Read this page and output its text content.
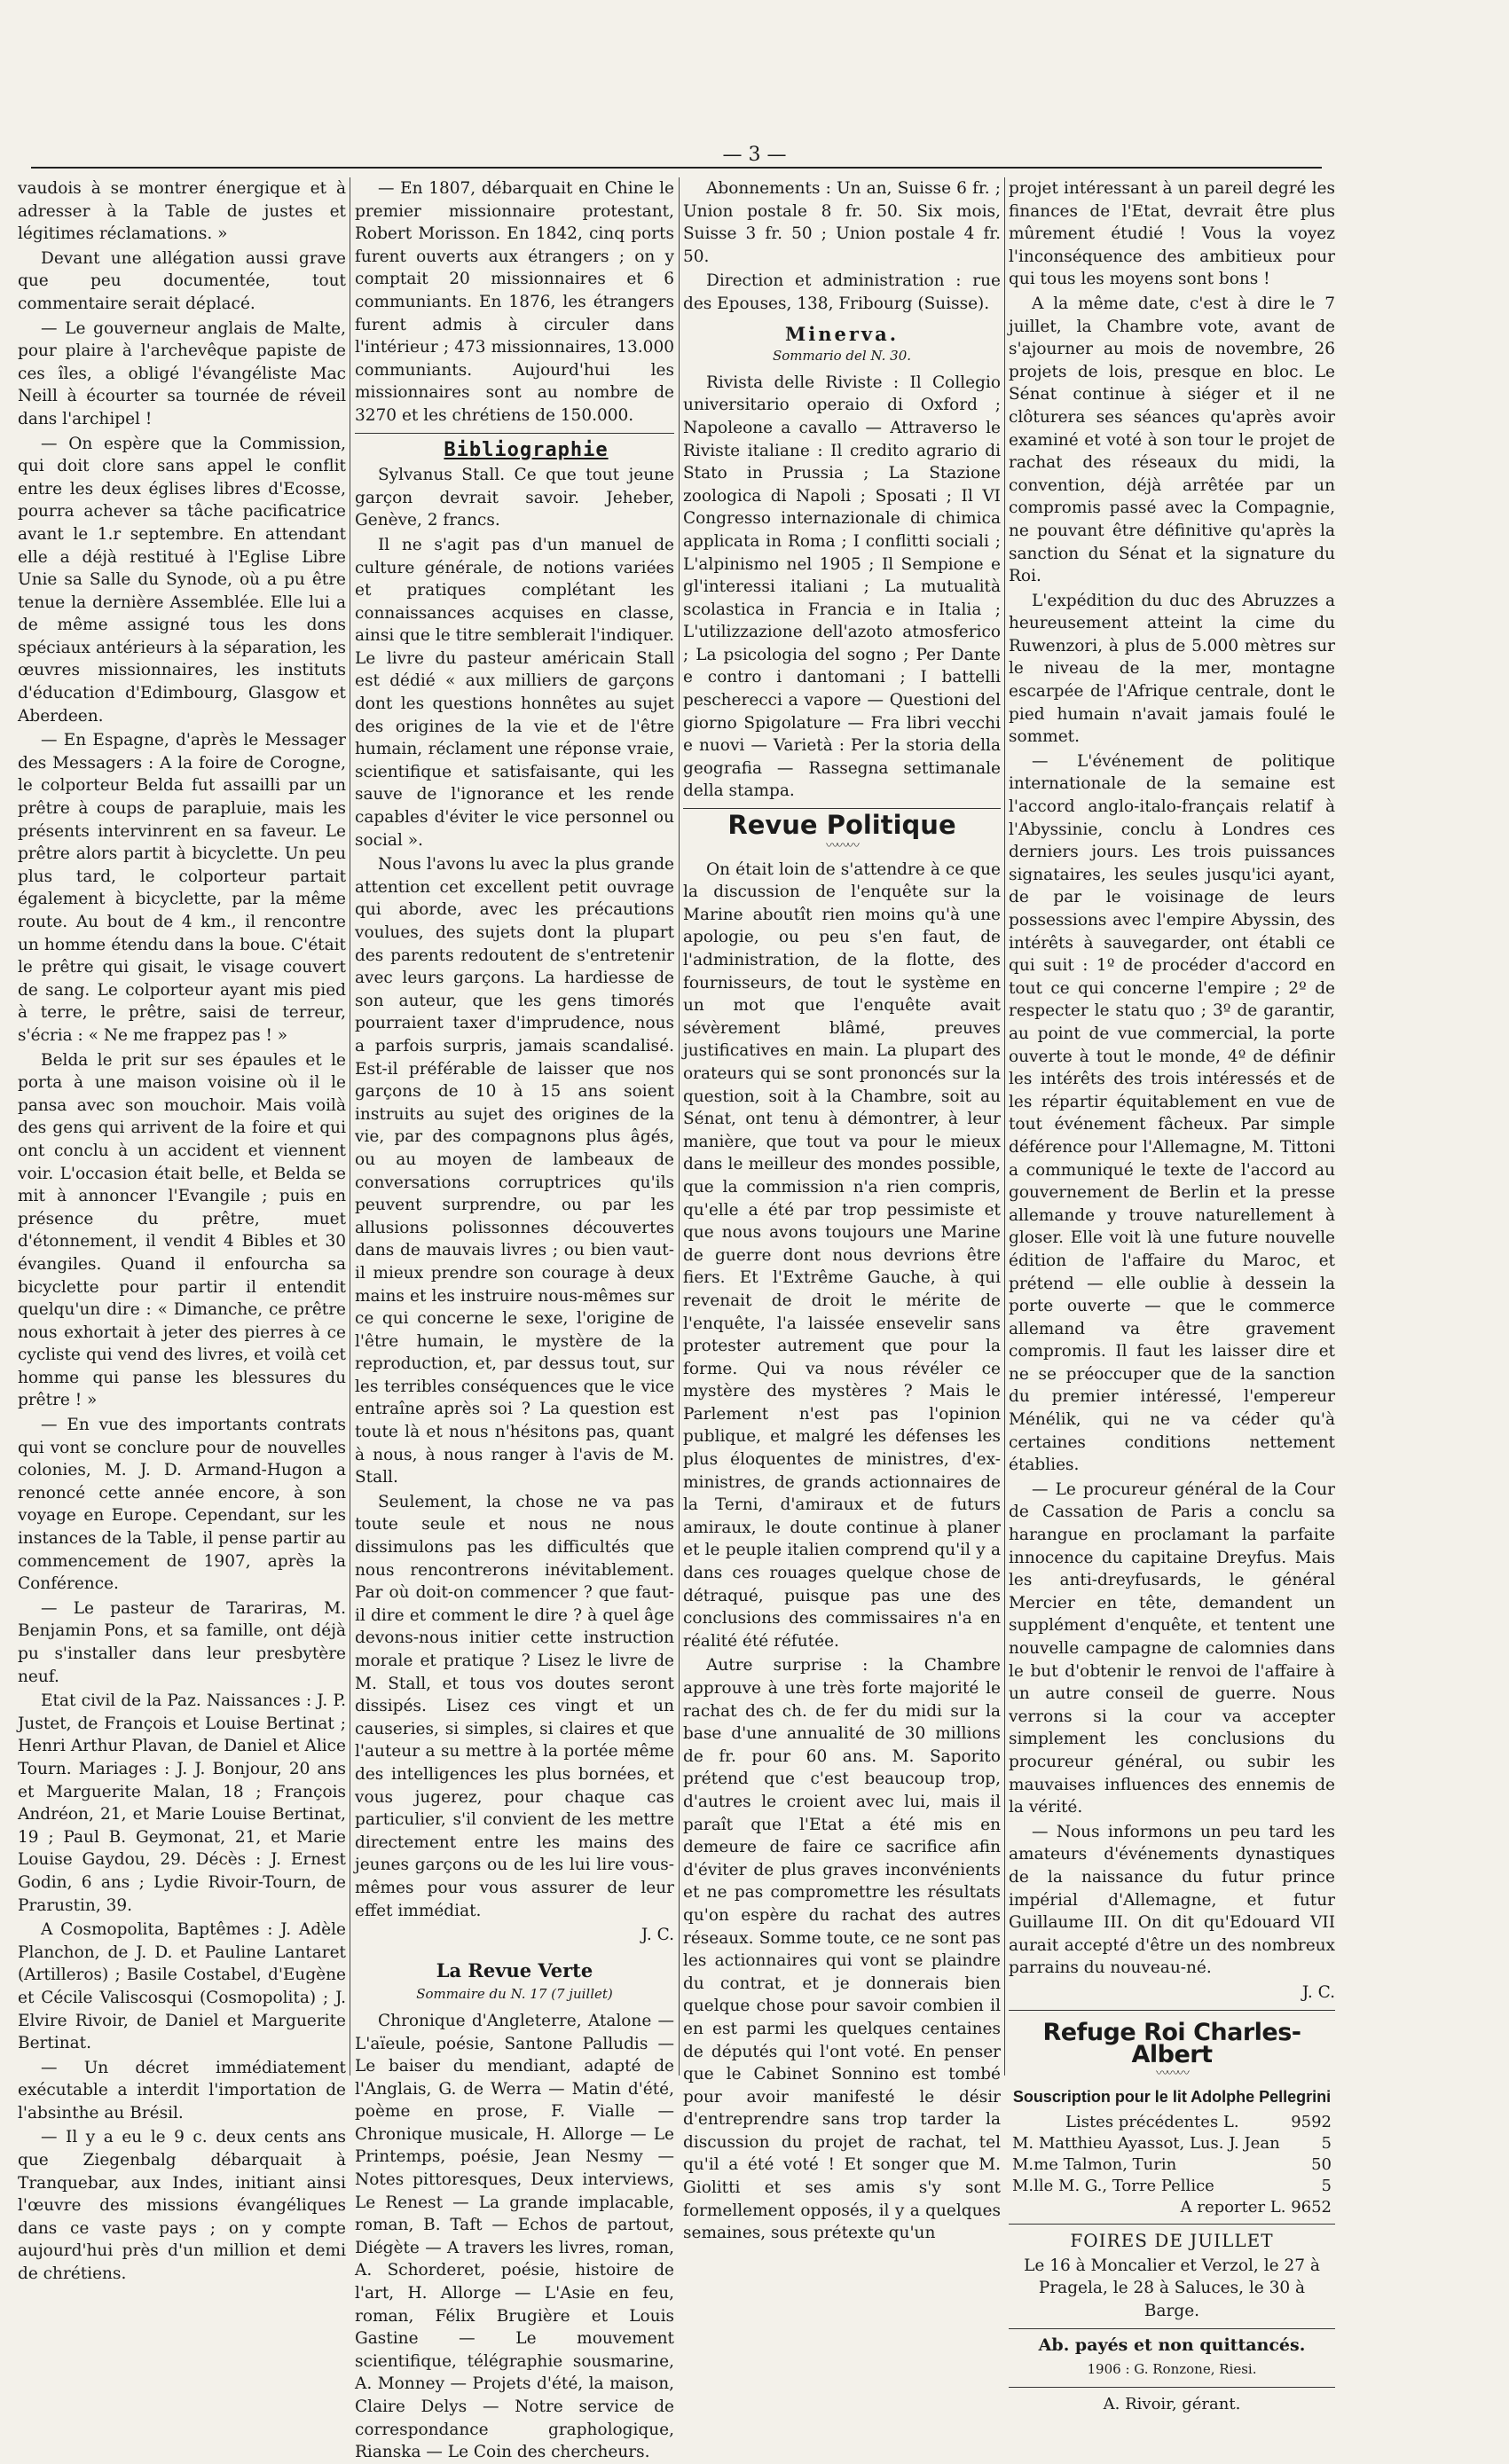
— 3 —

vaudois à se montrer énergique et à adresser à la Table de justes et légitimes réclamations. »

Devant une allégation aussi grave que peu documentée, tout commentaire serait déplacé.

— Le gouverneur anglais de Malte, pour plaire à l'archevêque papiste de ces îles, a obligé l'évangéliste Mac Neill à écourter sa tournée de réveil dans l'archipel !

— On espère que la Commission, qui doit clore sans appel le conflit entre les deux églises libres d'Ecosse, pourra achever sa tâche pacificatrice avant le 1.r septembre. En attendant elle a déjà restitué à l'Eglise Libre Unie sa Salle du Synode, où a pu être tenue la dernière Assemblée. Elle lui a de même assigné tous les dons spéciaux antérieurs à la séparation, les œuvres missionnaires, les instituts d'éducation d'Edimbourg, Glasgow et Aberdeen.

— En Espagne, d'après le Messager des Messagers : A la foire de Corogne, le colporteur Belda fut assailli par un prêtre à coups de parapluie, mais les présents intervinrent en sa faveur. Le prêtre alors partit à bicyclette. Un peu plus tard, le colporteur partait également à bicyclette, par la même route. Au bout de 4 km., il rencontre un homme étendu dans la boue. C'était le prêtre qui gisait, le visage couvert de sang. Le colporteur ayant mis pied à terre, le prêtre, saisi de terreur, s'écria : « Ne me frappez pas ! »

Belda le prit sur ses épaules et le porta à une maison voisine où il le pansa avec son mouchoir. Mais voilà des gens qui arrivent de la foire et qui ont conclu à un accident et viennent voir. L'occasion était belle, et Belda se mit à annoncer l'Evangile ; puis en présence du prêtre, muet d'étonnement, il vendit 4 Bibles et 30 évangiles. Quand il enfourcha sa bicyclette pour partir il entendit quelqu'un dire : « Dimanche, ce prêtre nous exhortait à jeter des pierres à ce cycliste qui vend des livres, et voilà cet homme qui panse les blessures du prêtre ! »

— En vue des importants contrats qui vont se conclure pour de nouvelles colonies, M. J. D. Armand-Hugon a renoncé cette année encore, à son voyage en Europe. Cependant, sur les instances de la Table, il pense partir au commencement de 1907, après la Conférence.

— Le pasteur de Tarariras, M. Benjamin Pons, et sa famille, ont déjà pu s'installer dans leur presbytère neuf.

Etat civil de la Paz. Naissances : J. P. Justet, de François et Louise Bertinat ; Henri Arthur Plavan, de Daniel et Alice Tourn. Mariages : J. J. Bonjour, 20 ans et Marguerite Malan, 18 ; François Andréon, 21, et Marie Louise Bertinat, 19 ; Paul B. Geymonat, 21, et Marie Louise Gaydou, 29. Décès : J. Ernest Godin, 6 ans ; Lydie Rivoir-Tourn, de Prarustin, 39.

A Cosmopolita, Baptêmes : J. Adèle Planchon, de J. D. et Pauline Lantaret (Artilleros) ; Basile Costabel, d'Eugène et Cécile Valiscosqui (Cosmopolita) ; J. Elvire Rivoir, de Daniel et Marguerite Bertinat.

— Un décret immédiatement exécutable a interdit l'importation de l'absinthe au Brésil.

— Il y a eu le 9 c. deux cents ans que Ziegenbalg débarquait à Tranquebar, aux Indes, initiant ainsi l'œuvre des missions évangéliques dans ce vaste pays ; on y compte aujourd'hui près d'un million et demi de chrétiens.

— En 1807, débarquait en Chine le premier missionnaire protestant, Robert Morisson. En 1842, cinq ports furent ouverts aux étrangers ; on y comptait 20 missionnaires et 6 communiants. En 1876, les étrangers furent admis à circuler dans l'intérieur ; 473 missionnaires, 13.000 communiants. Aujourd'hui les missionnaires sont au nombre de 3270 et les chrétiens de 150.000.

Bibliographie

Sylvanus Stall. Ce que tout jeune garçon devrait savoir. Jeheber, Genève, 2 francs.

Il ne s'agit pas d'un manuel de culture générale, de notions variées et pratiques complétant les connaissances acquises en classe, ainsi que le titre semblerait l'indiquer. Le livre du pasteur américain Stall est dédié « aux milliers de garçons dont les questions honnêtes au sujet des origines de la vie et de l'être humain, réclament une réponse vraie, scientifique et satisfaisante, qui les sauve de l'ignorance et les rende capables d'éviter le vice personnel ou social ».

Nous l'avons lu avec la plus grande attention cet excellent petit ouvrage qui aborde, avec les précautions voulues, des sujets dont la plupart des parents redoutent de s'entretenir avec leurs garçons. La hardiesse de son auteur, que les gens timorés pourraient taxer d'imprudence, nous a parfois surpris, jamais scandalisé. Est-il préférable de laisser que nos garçons de 10 à 15 ans soient instruits au sujet des origines de la vie, par des compagnons plus âgés, ou au moyen de lambeaux de conversations corruptrices qu'ils peuvent surprendre, ou par les allusions polissonnes découvertes dans de mauvais livres ; ou bien vaut-il mieux prendre son courage à deux mains et les instruire nous-mêmes sur ce qui concerne le sexe, l'origine de l'être humain, le mystère de la reproduction, et, par dessus tout, sur les terribles conséquences que le vice entraîne après soi ? La question est toute là et nous n'hésitons pas, quant à nous, à nous ranger à l'avis de M. Stall.

Seulement, la chose ne va pas toute seule et nous ne nous dissimulons pas les difficultés que nous rencontrerons inévitablement. Par où doit-on commencer ? que faut-il dire et comment le dire ? à quel âge devons-nous initier cette instruction morale et pratique ? Lisez le livre de M. Stall, et tous vos doutes seront dissipés. Lisez ces vingt et un causeries, si simples, si claires et que l'auteur a su mettre à la portée même des intelligences les plus bornées, et vous jugerez, pour chaque cas particulier, s'il convient de les mettre directement entre les mains des jeunes garçons ou de les lui lire vous-mêmes pour vous assurer de leur effet immédiat.

J. C.

La Revue Verte
Sommaire du N. 17 (7 juillet)

Chronique d'Angleterre, Atalone — L'aïeule, poésie, Santone Palludis — Le baiser du mendiant, adapté de l'Anglais, G. de Werra — Matin d'été, poème en prose, F. Vialle — Chronique musicale, H. Allorge — Le Printemps, poésie, Jean Nesmy — Notes pittoresques, Deux interviews, Le Renest — La grande implacable, roman, B. Taft — Echos de partout, Diégète — A travers les livres, roman, A. Schorderet, poésie, histoire de l'art, H. Allorge — L'Asie en feu, roman, Félix Brugière et Louis Gastine — Le mouvement scientifique, télégraphie sousmarine, A. Monney — Projets d'été, la maison, Claire Delys — Notre service de correspondance graphologique, Rianska — Le Coin des chercheurs.

Abonnements : Un an, Suisse 6 fr. ; Union postale 8 fr. 50. Six mois, Suisse 3 fr. 50 ; Union postale 4 fr. 50.

Direction et administration : rue des Epouses, 138, Fribourg (Suisse).

Minerva.
Sommario del N. 30.

Rivista delle Riviste : Il Collegio universitario operaio di Oxford ; Napoleone a cavallo — Attraverso le Riviste italiane : Il credito agrario di Stato in Prussia ; La Stazione zoologica di Napoli ; Sposati ; Il VI Congresso internazionale di chimica applicata in Roma ; I conflitti sociali ; L'alpinismo nel 1905 ; Il Sempione e gl'interessi italiani ; La mutualità scolastica in Francia e in Italia ; L'utilizzazione dell'azoto atmosferico ; La psicologia del sogno ; Per Dante e contro i dantomani ; I battelli peschereсci a vapore — Questioni del giorno Spigolature — Fra libri vecchi e nuovi — Varietà : Per la storia della geografia — Rassegna settimanale della stampa.

Revue Politique
〰〰〰

On était loin de s'attendre à ce que la discussion de l'enquête sur la Marine aboutît rien moins qu'à une apologie, ou peu s'en faut, de l'administration, de la flotte, des fournisseurs, de tout le système en un mot que l'enquête avait sévèrement blâmé, preuves justificatives en main. La plupart des orateurs qui se sont prononcés sur la question, soit à la Chambre, soit au Sénat, ont tenu à démontrer, à leur manière, que tout va pour le mieux dans le meilleur des mondes possible, que la commission n'a rien compris, qu'elle a été par trop pessimiste et que nous avons toujours une Marine de guerre dont nous devrions être fiers. Et l'Extrême Gauche, à qui revenait de droit le mérite de l'enquête, l'a laissée ensevelir sans protester autrement que pour la forme. Qui va nous révéler ce mystère des mystères ? Mais le Parlement n'est pas l'opinion publique, et malgré les défenses les plus éloquentes de ministres, d'ex-ministres, de grands actionnaires de la Terni, d'amiraux et de futurs amiraux, le doute continue à planer et le peuple italien comprend qu'il y a dans ces rouages quelque chose de détraqué, puisque pas une des conclusions des commissaires n'a en réalité été réfutée.

Autre surprise : la Chambre approuve à une très forte majorité le rachat des ch. de fer du midi sur la base d'une annualité de 30 millions de fr. pour 60 ans. M. Saporito prétend que c'est beaucoup trop, d'autres le croient avec lui, mais il paraît que l'Etat a été mis en demeure de faire ce sacrifice afin d'éviter de plus graves inconvénients et ne pas compromettre les résultats qu'on espère du rachat des autres réseaux. Somme toute, ce ne sont pas les actionnaires qui vont se plaindre du contrat, et je donnerais bien quelque chose pour savoir combien il en est parmi les quelques centaines de députés qui l'ont voté. En penser que le Cabinet Sonnino est tombé pour avoir manifesté le désir d'entreprendre sans trop tarder la discussion du projet de rachat, tel qu'il a été voté ! Et songer que M. Giolitti et ses amis s'y sont formellement opposés, il y a quelques semaines, sous prétexte qu'un

projet intéressant à un pareil degré les finances de l'Etat, devrait être plus mûrement étudié ! Vous la voyez l'inconséquence des ambitieux pour qui tous les moyens sont bons !

A la même date, c'est à dire le 7 juillet, la Chambre vote, avant de s'ajourner au mois de novembre, 26 projets de lois, presque en bloc. Le Sénat continue à siéger et il ne clôturera ses séances qu'après avoir examiné et voté à son tour le projet de rachat des réseaux du midi, la convention, déjà arrêtée par un compromis passé avec la Compagnie, ne pouvant être définitive qu'après la sanction du Sénat et la signature du Roi.

L'expédition du duc des Abruzzes a heureusement atteint la cime du Ruwenzori, à plus de 5.000 mètres sur le niveau de la mer, montagne escarpée de l'Afrique centrale, dont le pied humain n'avait jamais foulé le sommet.

— L'événement de politique internationale de la semaine est l'accord anglo-italo-français relatif à l'Abyssinie, conclu à Londres ces derniers jours. Les trois puissances signataires, les seules jusqu'ici ayant, de par le voisinage de leurs possessions avec l'empire Abyssin, des intérêts à sauvegarder, ont établi ce qui suit : 1º de procéder d'accord en tout ce qui concerne l'empire ; 2º de respecter le statu quo ; 3º de garantir, au point de vue commercial, la porte ouverte à tout le monde, 4º de définir les intérêts des trois intéressés et de les répartir équitablement en vue de tout événement fâcheux. Par simple déférence pour l'Allemagne, M. Tittoni a communiqué le texte de l'accord au gouvernement de Berlin et la presse allemande y trouve naturellement à gloser. Elle voit là une future nouvelle édition de l'affaire du Maroc, et prétend — elle oublie à dessein la porte ouverte — que le commerce allemand va être gravement compromis. Il faut les laisser dire et ne se préoccuper que de la sanction du premier intéressé, l'empereur Ménélik, qui ne va céder qu'à certaines conditions nettement établies.

— Le procureur général de la Cour de Cassation de Paris a conclu sa harangue en proclamant la parfaite innocence du capitaine Dreyfus. Mais les anti-dreyfusards, le général Mercier en tête, demandent un supplément d'enquête, et tentent une nouvelle campagne de calomnies dans le but d'obtenir le renvoi de l'affaire à un autre conseil de guerre. Nous verrons si la cour va accepter simplement les conclusions du procureur général, ou subir les mauvaises influences des ennemis de la vérité.

— Nous informons un peu tard les amateurs d'événements dynastiques de la naissance du futur prince impérial d'Allemagne, et futur Guillaume III. On dit qu'Edouard VII aurait accepté d'être un des nombreux parrains du nouveau-né.

J. C.

Refuge Roi Charles-Albert
〰〰〰
Souscription pour le lit Adolphe Pellegrini
Listes précédentes L.	9592
M. Matthieu Ayassot, Lus. J. Jean	5
M.me Talmon, Turin	50
M.lle M. G., Torre Pellice	5
A reporter L. 9652
FOIRES DE JUILLET

Le 16 à Moncalier et Verzol, le 27 à Pragela, le 28 à Saluces, le 30 à Barge.

Ab. payés et non quittancés.

1906 : G. Ronzone, Riesi.

A. Rivoir, gérant.
